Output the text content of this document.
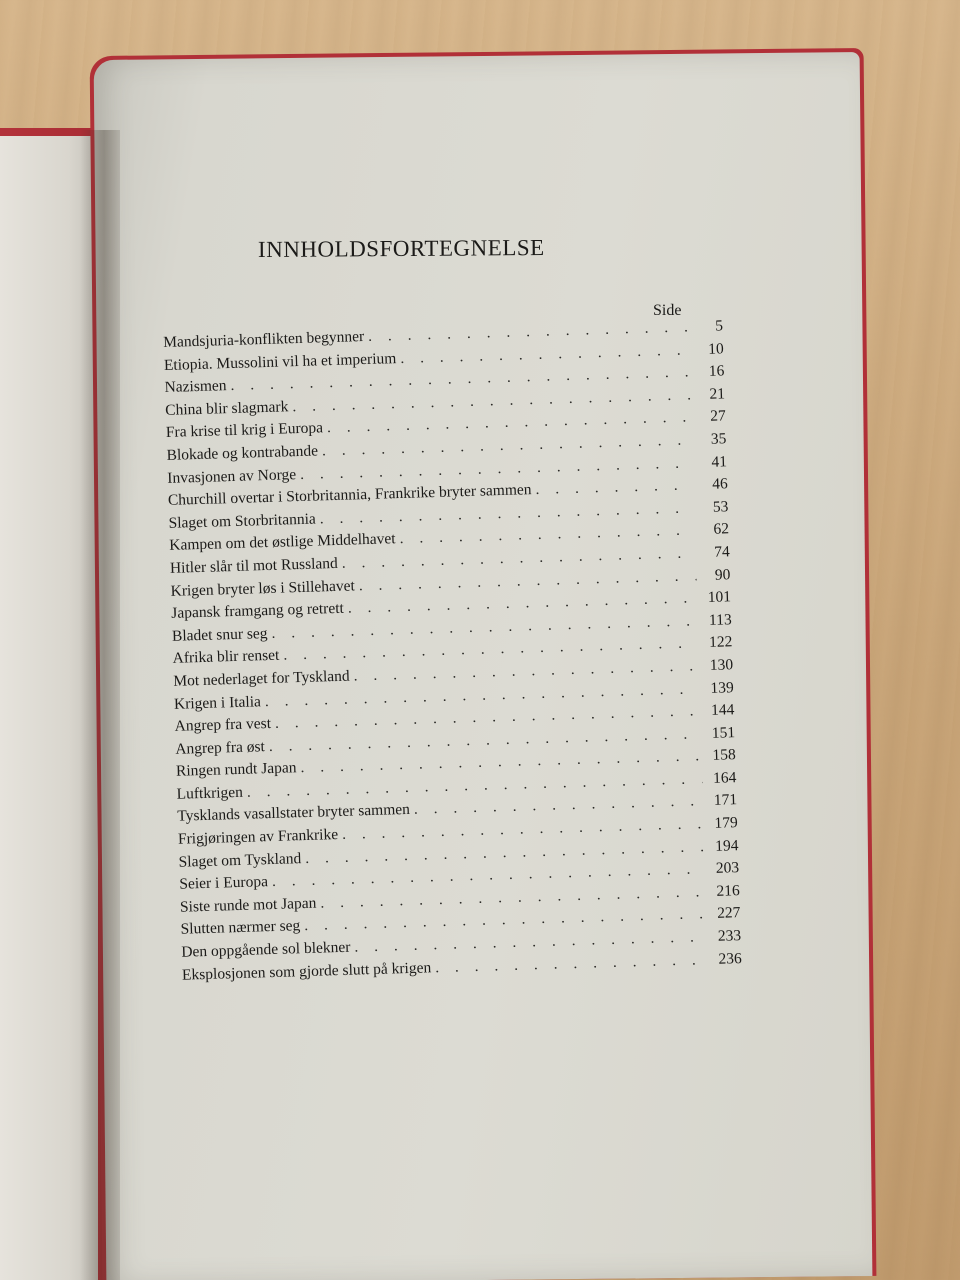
INNHOLDSFORTEGNELSE
Side
Mandsjuria-konflikten begynner
. . .
5
Etiopia. Mussolini vil ha et imperium
. . .
10
Nazismen
. . .
16
China blir slagmark
. . .
21
Fra krise til krig i Europa
. . .
27
Blokade og kontrabande
. . .
35
Invasjonen av Norge
. . .
41
Churchill overtar i Storbritannia, Frankrike bryter sammen
. . .	46
Slaget om Storbritannia
. . .
53
Kampen om det østlige Middelhavet
. . .
62
Hitler slår til mot Russland
. . .
74
Krigen bryter løs i Stillehavet
. . .
90
Japansk framgang og retrett
. . .
101
Bladet snur seg
. . .
113
Afrika blir renset
. . .
122
Mot nederlaget for Tyskland
. . .
130
Krigen i Italia
. . .
139
Angrep fra vest
. . .
144
Angrep fra øst
. . .
151
Ringen rundt Japan
. . .
158
Luftkrigen
. . .
164
Tysklands vasallstater bryter sammen
. . .
171
Frigjøringen av Frankrike
. . .
179
Slaget om Tyskland
. . .
194
Seier i Europa
. . .
203
Siste runde mot Japan
. . .
216
Slutten nærmer seg
. . .
227
Den oppgående sol blekner
. . .
233
Eksplosjonen som gjorde slutt på krigen
. . .
236
